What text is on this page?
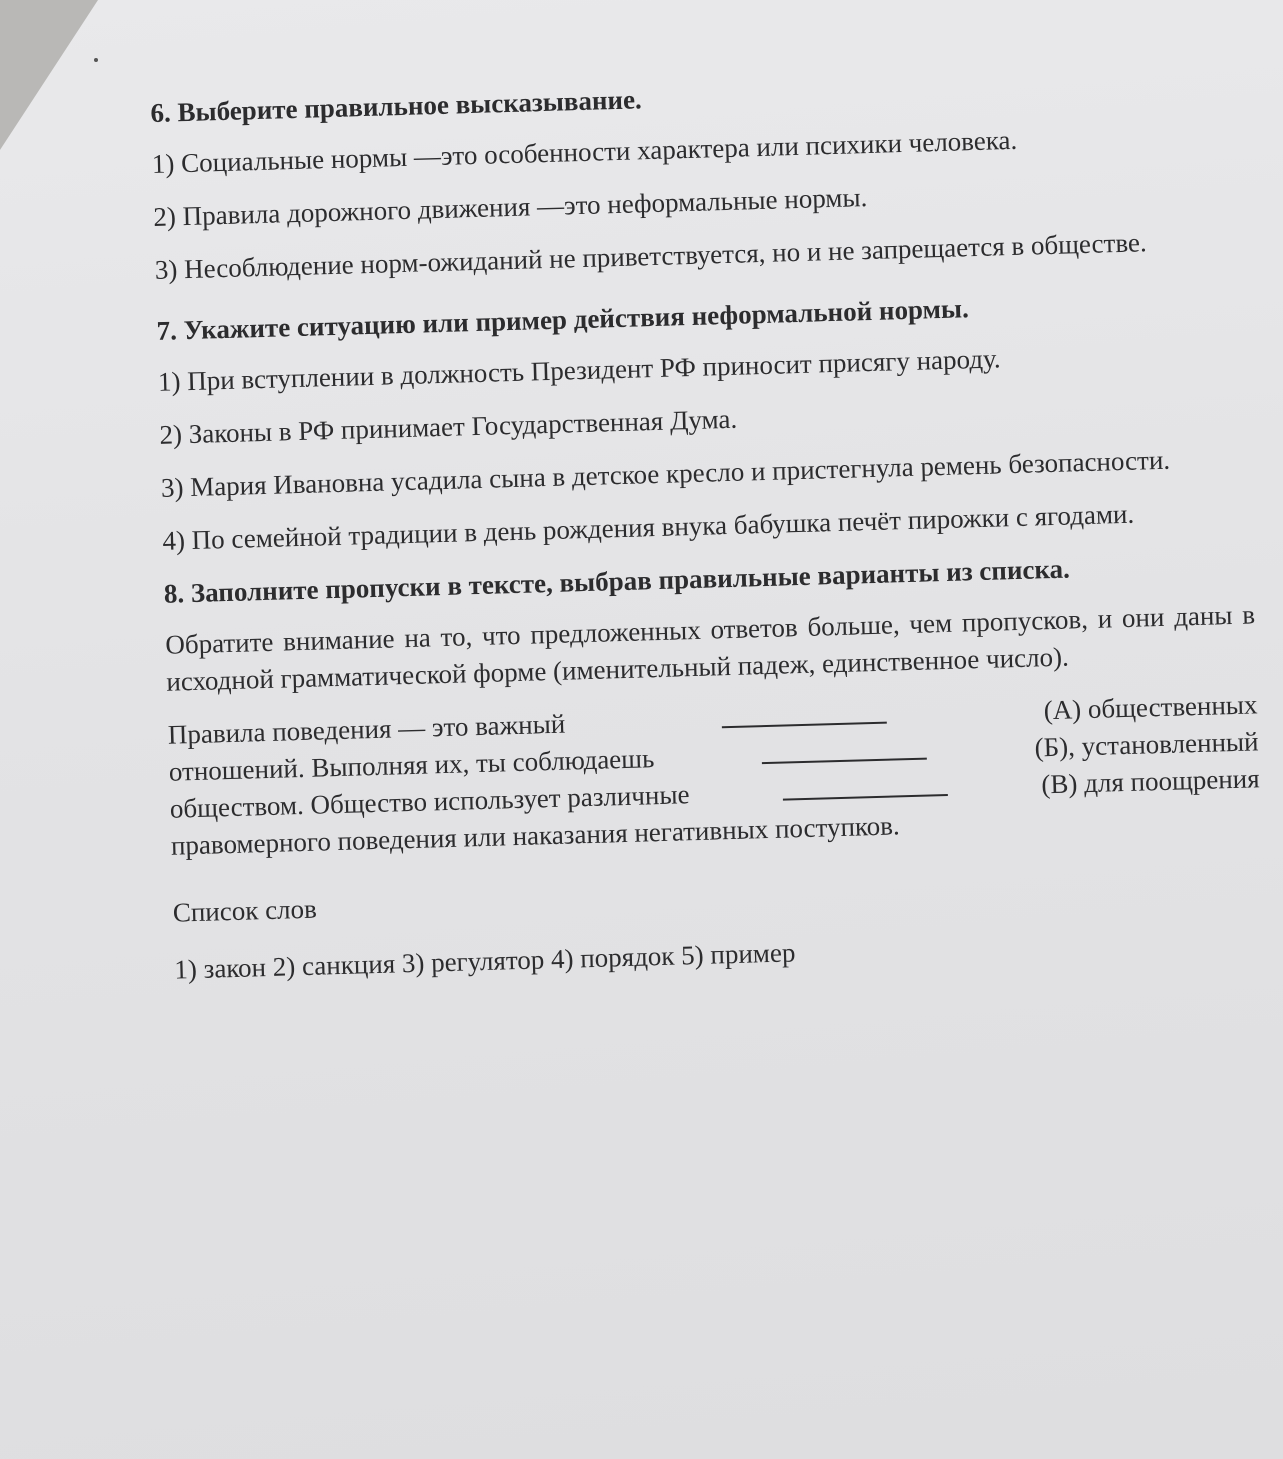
6. Выберите правильное высказывание.
1) Социальные нормы —это особенности характера или психики человека.
2) Правила дорожного движения —это неформальные нормы.
3) Несоблюдение норм-ожиданий не приветствуется, но и не запрещается в обществе.
7. Укажите ситуацию или пример действия неформальной нормы.
1) При вступлении в должность Президент РФ приносит присягу народу.
2) Законы в РФ принимает Государственная Дума.
3) Мария Ивановна усадила сына в детское кресло и пристегнула ремень безопасности.
4) По семейной традиции в день рождения внука бабушка печёт пирожки с ягодами.
8. Заполните пропуски в тексте, выбрав правильные варианты из списка.
Обратите внимание на то, что предложенных ответов больше, чем пропусков, и они даны в исходной грамматической форме (именительный падеж, единственное число).
Правила поведения — это важный
(А) общественных
отношений. Выполняя их, ты соблюдаешь	(Б), установленный
обществом. Общество использует различные	(В) для поощрения
правомерного поведения или наказания негативных поступков.
Список слов
1) закон 2) санкция 3) регулятор 4) порядок 5) пример
